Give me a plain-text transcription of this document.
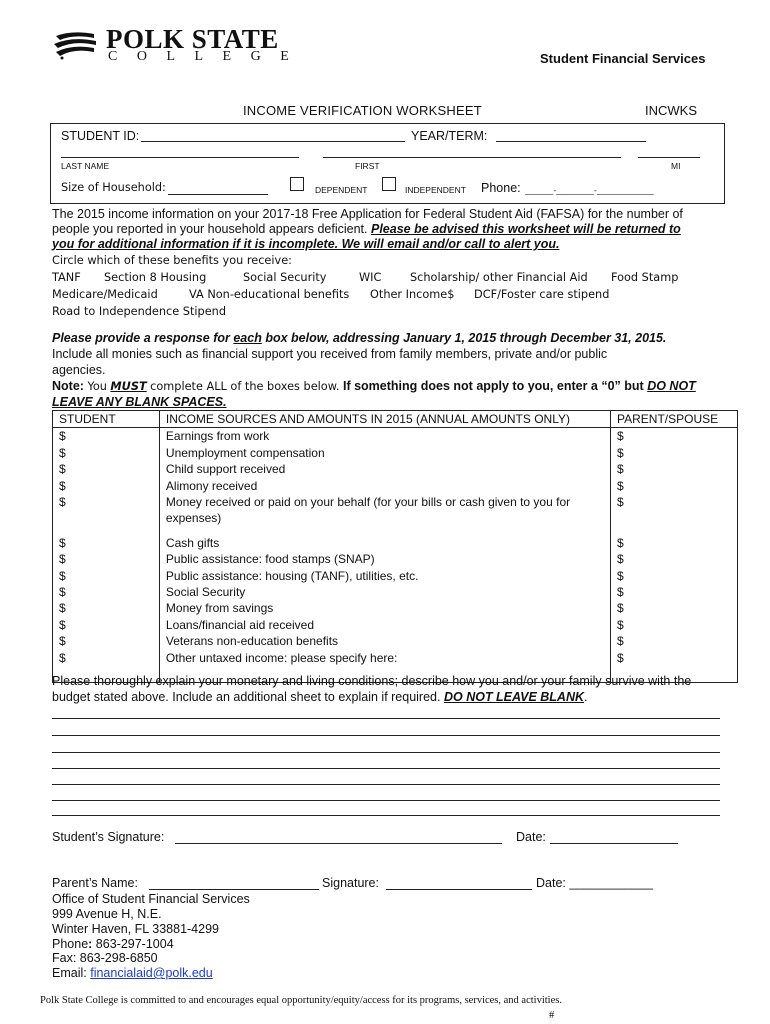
POLK STATE
COLLEGE	Student Financial Services
INCOME VERIFICATION WORKSHEET	INCWKS
STUDENT ID:	YEAR/TERM:
LAST NAME	FIRST	MI
Size of Household:	DEPENDENT	INDEPENDENT Phone: ______-________-____________
The 2015 income information on your 2017-18 Free Application for Federal Student Aid (FAFSA) for the number of
people you reported in your household appears deficient. Please be advised this worksheet will be returned to
you for additional information if it is incomplete. We will email and/or call to alert you.
Circle which of these benefits you receive:
TANF Section 8 Housing	Social Security	WIC	Scholarship/ other Financial Aid Food Stamp
Medicare/Medicaid	VA Non-educational benefits Other Income$ DCF/Foster care stipend
Road to Independence Stipend
Please provide a response for each box below, addressing January 1, 2015 through December 31, 2015.
Include all monies such as financial support you received from family members, private and/or public
agencies.
Note: You MUST complete ALL of the boxes below. If something does not apply to you, enter a “0” but DO NOT
LEAVE ANY BLANK SPACES.
STUDENT	INCOME SOURCES AND AMOUNTS IN 2015 (ANNUAL AMOUNTS ONLY)	PARENT/SPOUSE
$	Earnings from work	$
$	Unemployment compensation	$
$	Child support received	$
$	Alimony received	$
$	Money received or paid on your behalf (for your bills or cash given to you for
expenses)	$

$	Cash gifts	$
$	Public assistance: food stamps (SNAP)	$
$	Public assistance: housing (TANF), utilities, etc.	$
$	Social Security	$
$	Money from savings	$
$	Loans/financial aid received	$
$	Veterans non-education benefits	$
$	Other untaxed income: please specify here:	$
Please thoroughly explain your monetary and living conditions; describe how you and/or your family survive with the
budget stated above. Include an additional sheet to explain if required. DO NOT LEAVE BLANK.
Student’s Signature:	Date:
Parent’s Name:	Signature:	Date: ____________
Office of Student Financial Services
999 Avenue H, N.E.
Winter Haven, FL 33881-4299
Phone: 863-297-1004
Fax: 863-298-6850
Email: financialaid@polk.edu
Polk State College is committed to and encourages equal opportunity/equity/access for its programs, services, and activities.
#
